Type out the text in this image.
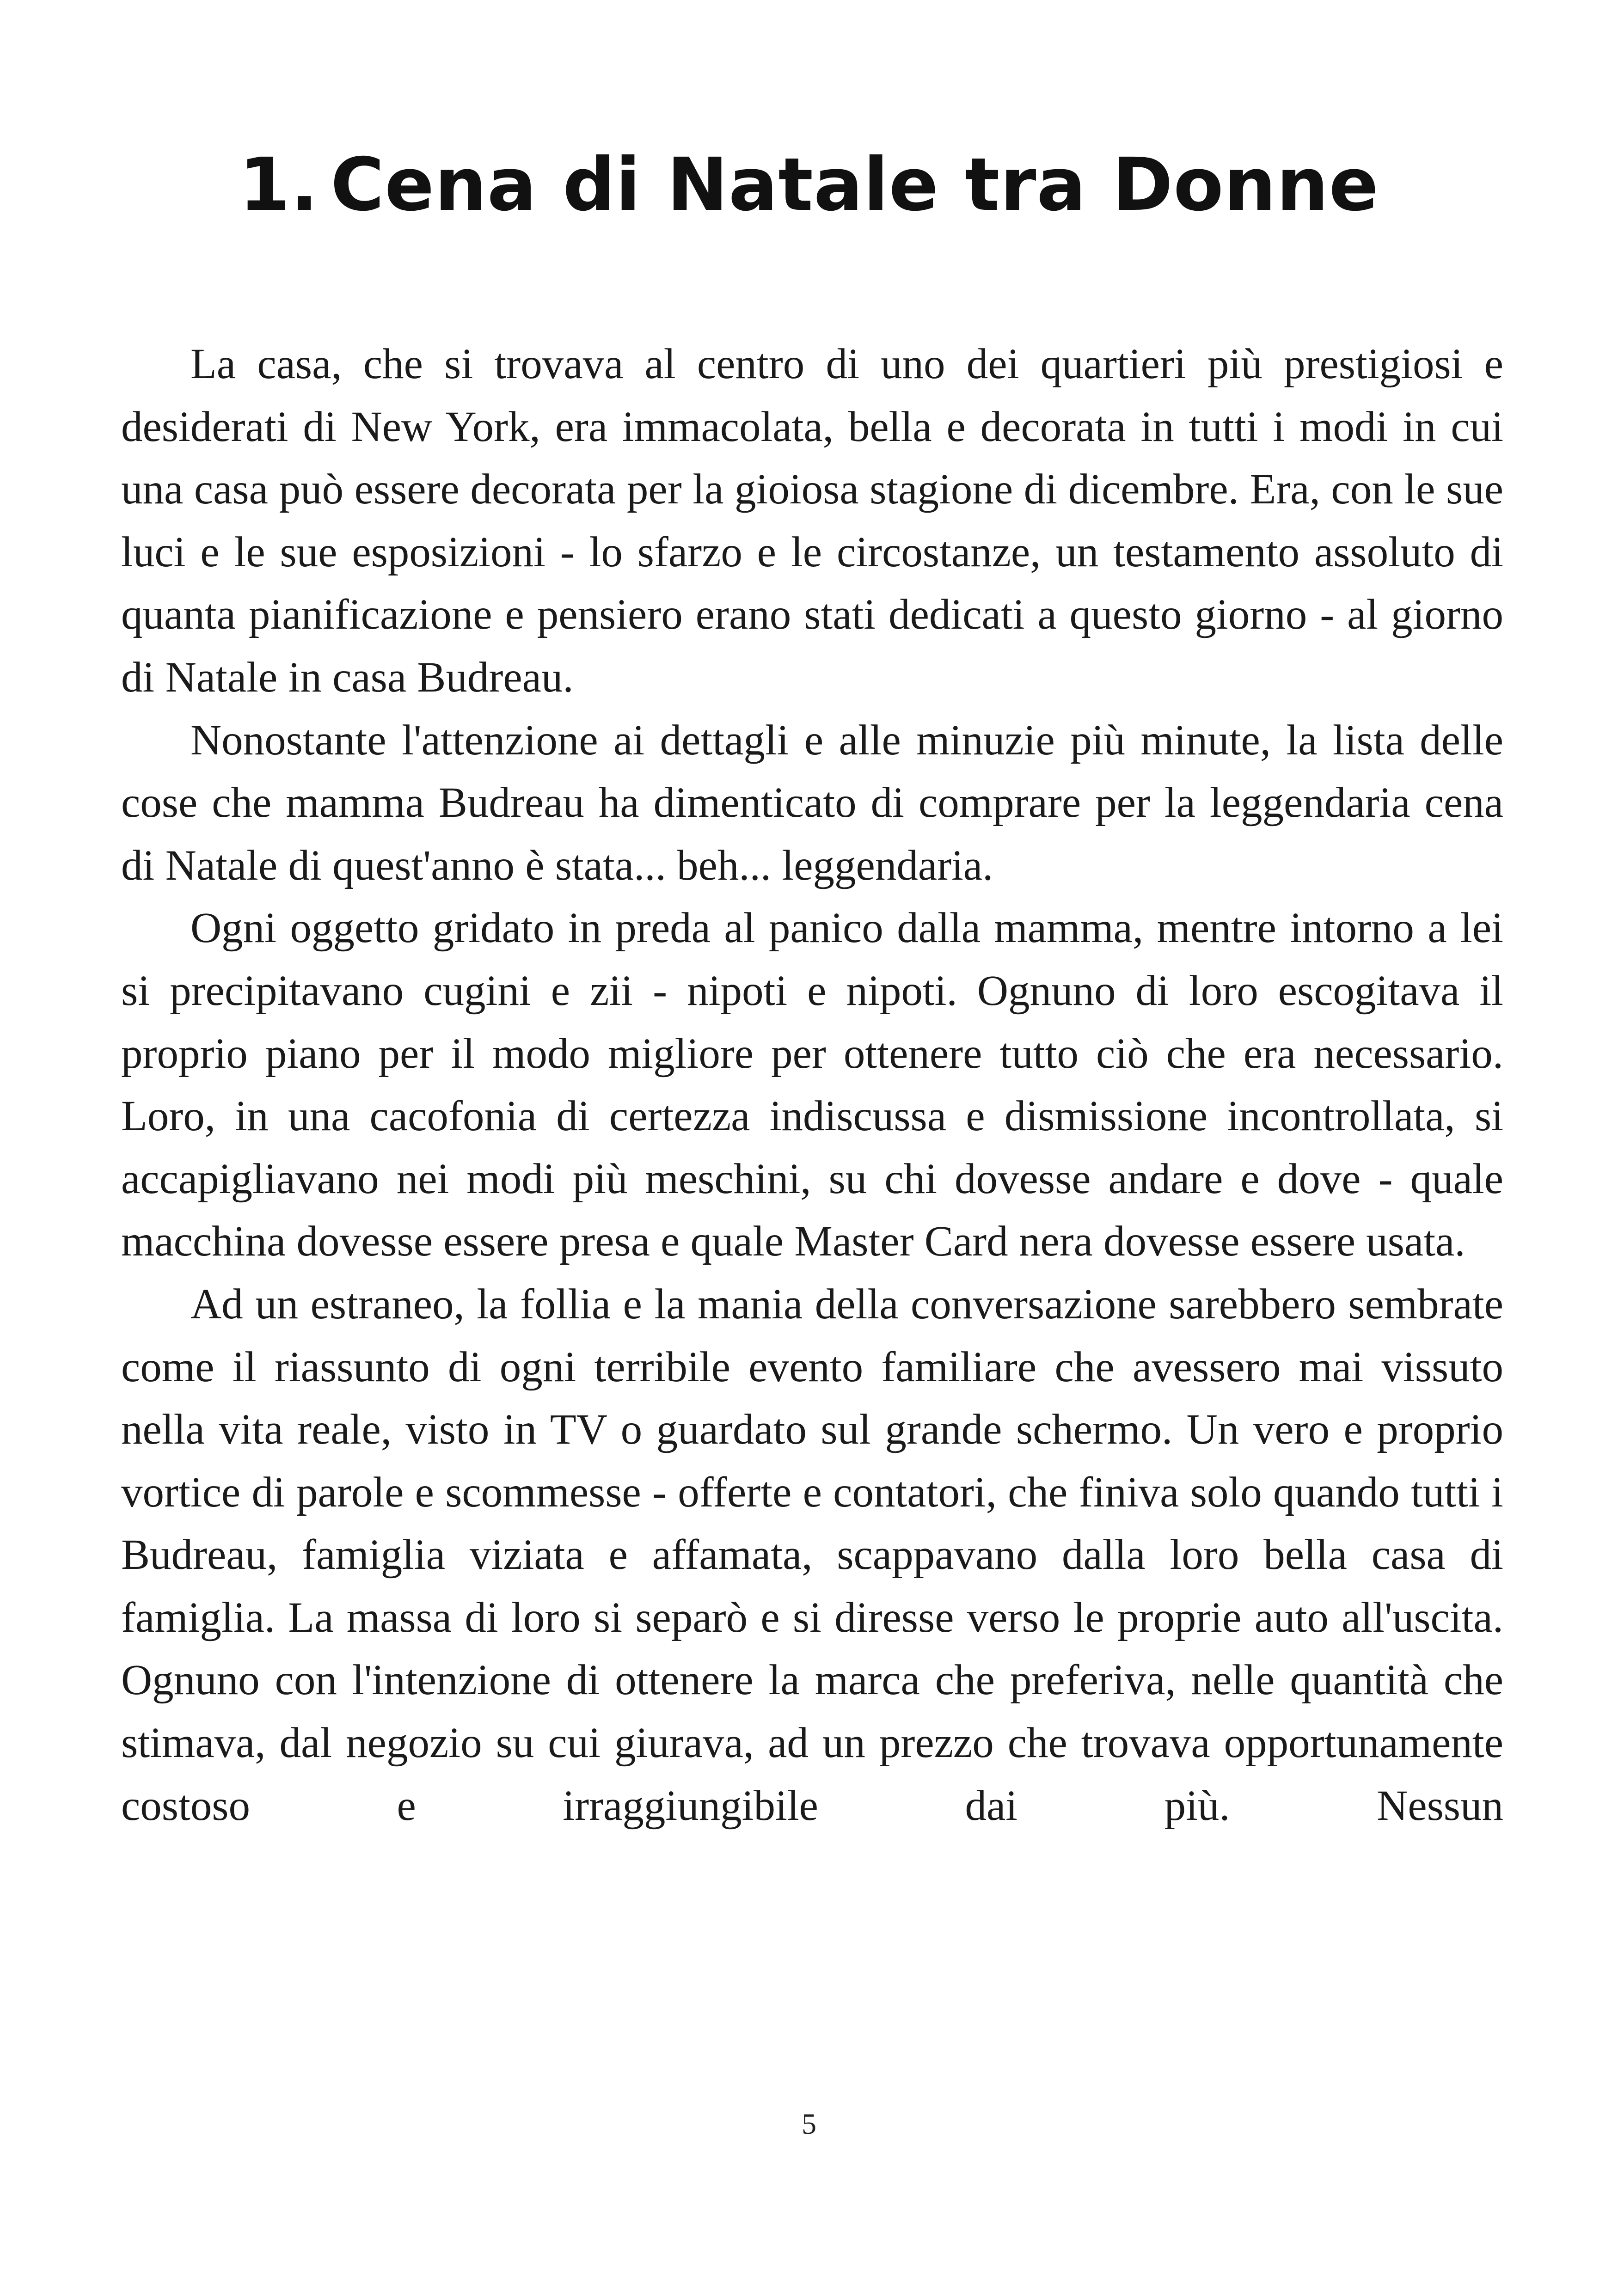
1. Cena di Natale tra Donne

La casa, che si trovava al centro di uno dei quartieri più prestigiosi e desiderati di New York, era immacolata, bella e decorata in tutti i modi in cui una casa può essere decorata per la gioiosa stagione di dicembre. Era, con le sue luci e le sue esposizioni - lo sfarzo e le circostanze, un testamento assoluto di quanta pianificazione e pensiero erano stati dedicati a questo giorno - al giorno di Natale in casa Budreau.

Nonostante l'attenzione ai dettagli e alle minuzie più minute, la lista delle cose che mamma Budreau ha dimenticato di comprare per la leggendaria cena di Natale di quest'anno è stata... beh... leggendaria.

Ogni oggetto gridato in preda al panico dalla mamma, mentre intorno a lei si precipitavano cugini e zii - nipoti e nipoti. Ognuno di loro escogitava il proprio piano per il modo migliore per ottenere tutto ciò che era necessario. Loro, in una cacofonia di certezza indiscussa e dismissione incontrollata, si accapigliavano nei modi più meschini, su chi dovesse andare e dove - quale macchina dovesse essere presa e quale Master Card nera dovesse essere usata.

Ad un estraneo, la follia e la mania della conversazione sarebbero sembrate come il riassunto di ogni terribile evento familiare che avessero mai vissuto nella vita reale, visto in TV o guardato sul grande schermo. Un vero e proprio vortice di parole e scommesse - offerte e contatori, che finiva solo quando tutti i Budreau, famiglia viziata e affamata, scappavano dalla loro bella casa di famiglia. La massa di loro si separò e si diresse verso le proprie auto all'uscita. Ognuno con l'intenzione di ottenere la marca che preferiva, nelle quantità che stimava, dal negozio su cui giurava, ad un prezzo che trovava opportunamente costoso e irraggiungibile dai più. Nessun

5
